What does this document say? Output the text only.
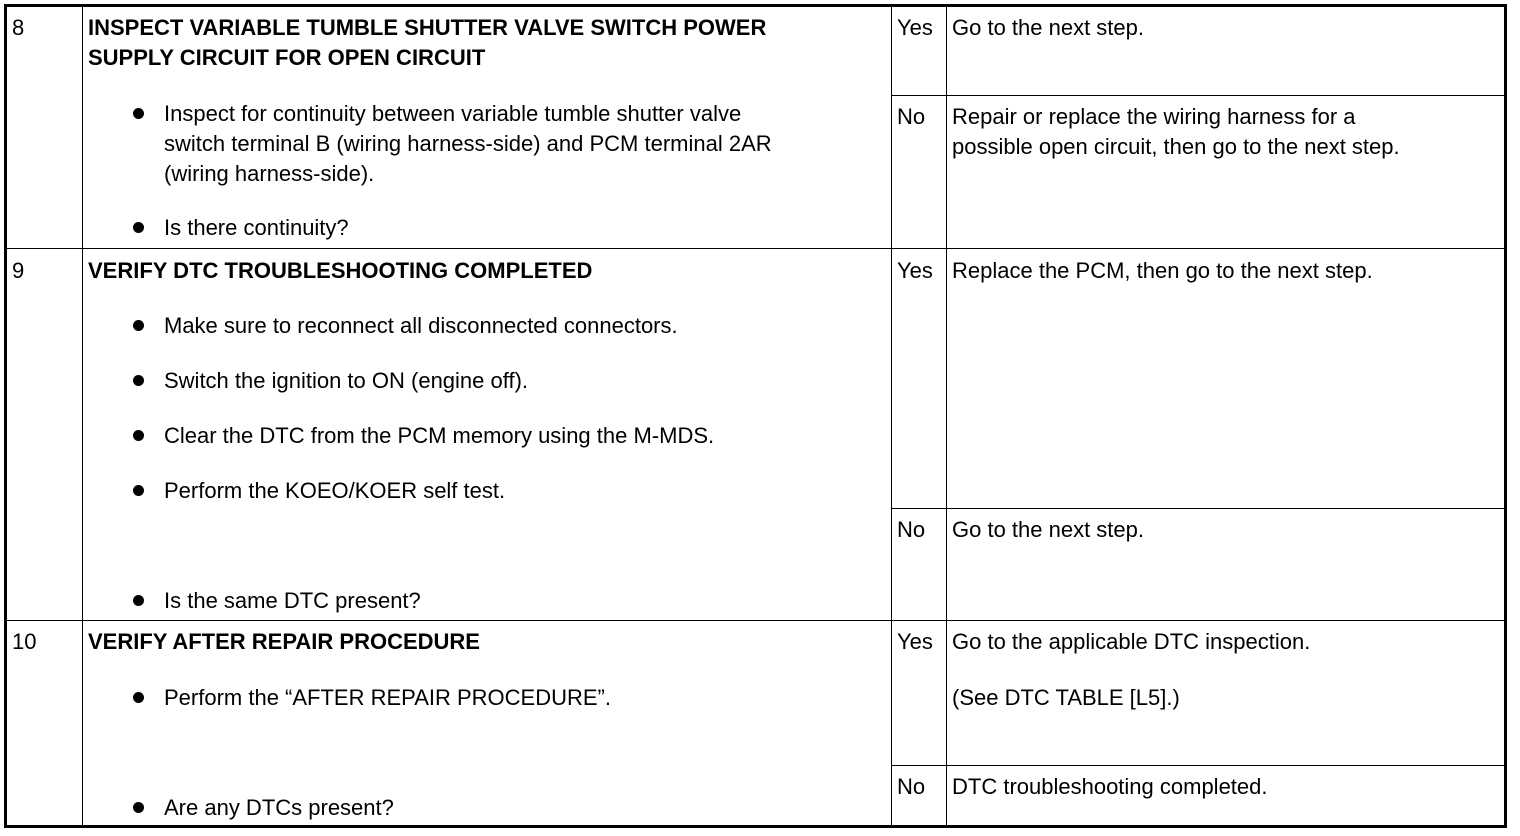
8	INSPECT VARIABLE TUMBLE SHUTTER VALVE SWITCH POWER
SUPPLY CIRCUIT FOR OPEN CIRCUIT
Inspect for continuity between variable tumble shutter valve
switch terminal B (wiring harness-side) and PCM terminal 2AR
(wiring harness-side).
Is there continuity?
Yes Go to the next step.
No Repair or replace the wiring harness for a
possible open circuit, then go to the next step.
9	VERIFY DTC TROUBLESHOOTING COMPLETED
Make sure to reconnect all disconnected connectors.
Switch the ignition to ON (engine off).
Clear the DTC from the PCM memory using the M-MDS.
Perform the KOEO/KOER self test.
Is the same DTC present?
Yes Replace the PCM, then go to the next step.
No Go to the next step.
10 VERIFY AFTER REPAIR PROCEDURE
Perform the “AFTER REPAIR PROCEDURE”.
Are any DTCs present?
Yes Go to the applicable DTC inspection.
(See DTC TABLE [L5].)
No DTC troubleshooting completed.
